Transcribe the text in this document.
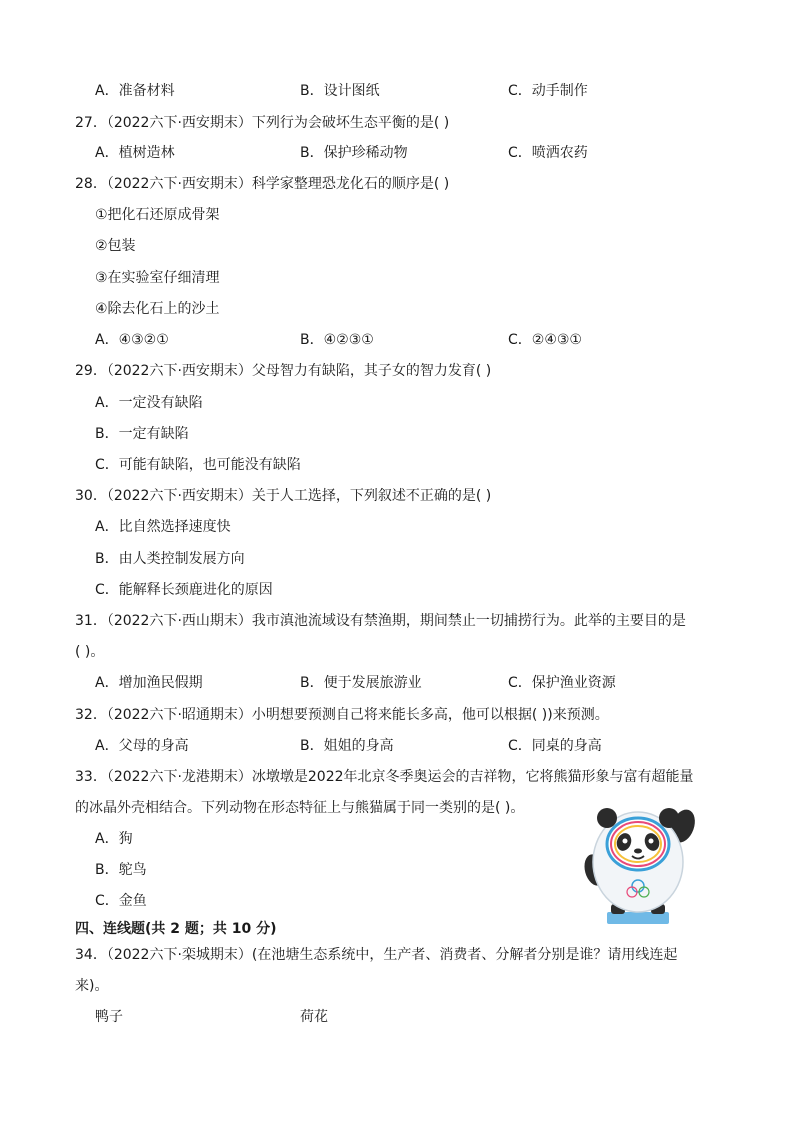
A．准备材料	B．设计图纸	C．动手制作
27．（2022六下·西安期末）下列行为会破坏生态平衡的是( )
A．植树造林	B．保护珍稀动物	C．喷洒农药
28．（2022六下·西安期末）科学家整理恐龙化石的顺序是( )
①把化石还原成骨架
②包装
③在实验室仔细清理
④除去化石上的沙土
A．④③②①	B．④②③①	C．②④③①
29．（2022六下·西安期末）父母智力有缺陷，其子女的智力发育( )
A．一定没有缺陷
B．一定有缺陷
C．可能有缺陷，也可能没有缺陷
30．（2022六下·西安期末）关于人工选择，下列叙述不正确的是( )
A．比自然选择速度快
B．由人类控制发展方向
C．能解释长颈鹿进化的原因
31．（2022六下·西山期末）我市滇池流域设有禁渔期，期间禁止一切捕捞行为。此举的主要目的是
( )。
A．增加渔民假期	B．便于发展旅游业	C．保护渔业资源
32．（2022六下·昭通期末）小明想要预测自己将来能长多高，他可以根据( ))来预测。
A．父母的身高	B．姐姐的身高	C．同桌的身高
33．（2022六下·龙港期末）冰墩墩是2022年北京冬季奥运会的吉祥物，它将熊猫形象与富有超能量
的冰晶外壳相结合。下列动物在形态特征上与熊猫属于同一类别的是( )。
A．狗
B．鸵鸟
C．金鱼
四、连线题(共 2 题；共 10 分)
34．（2022六下·栾城期末）(在池塘生态系统中，生产者、消费者、分解者分别是谁？请用线连起
来)。
鸭子	荷花
